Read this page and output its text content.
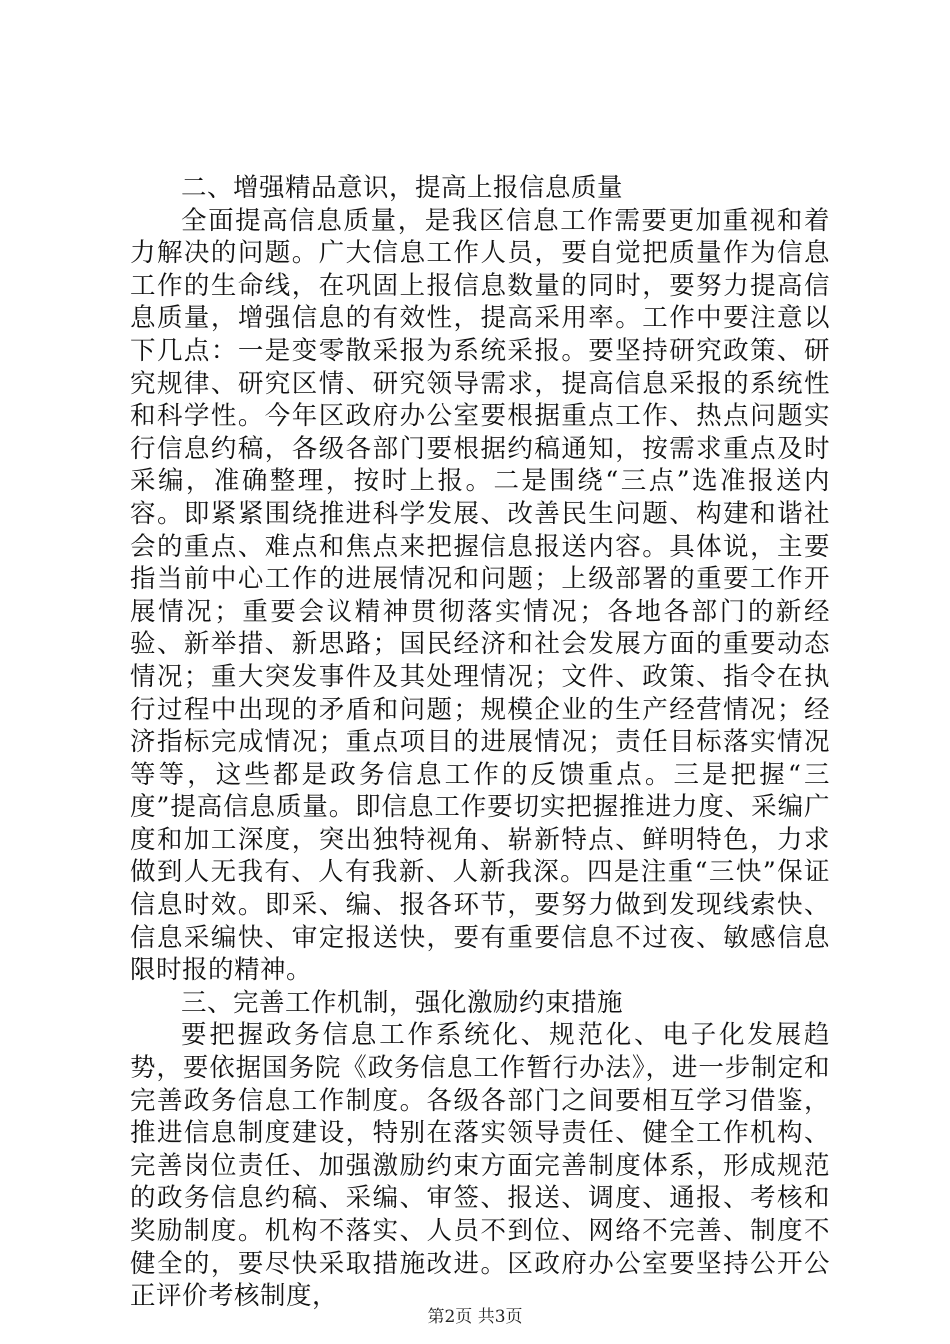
二、增强精品意识，提高上报信息质量

全面提高信息质量，是我区信息工作需要更加重视和着力解决的问题。广大信息工作人员，要自觉把质量作为信息工作的生命线，在巩固上报信息数量的同时，要努力提高信息质量，增强信息的有效性，提高采用率。工作中要注意以下几点：一是变零散采报为系统采报。要坚持研究政策、研究规律、研究区情、研究领导需求，提高信息采报的系统性和科学性。今年区政府办公室要根据重点工作、热点问题实行信息约稿，各级各部门要根据约稿通知，按需求重点及时采编，准确整理，按时上报。二是围绕“三点”选准报送内容。即紧紧围绕推进科学发展、改善民生问题、构建和谐社会的重点、难点和焦点来把握信息报送内容。具体说，主要指当前中心工作的进展情况和问题；上级部署的重要工作开展情况；重要会议精神贯彻落实情况；各地各部门的新经验、新举措、新思路；国民经济和社会发展方面的重要动态情况；重大突发事件及其处理情况；文件、政策、指令在执行过程中出现的矛盾和问题；规模企业的生产经营情况；经济指标完成情况；重点项目的进展情况；责任目标落实情况等等，这些都是政务信息工作的反馈重点。三是把握“三度”提高信息质量。即信息工作要切实把握推进力度、采编广度和加工深度，突出独特视角、崭新特点、鲜明特色，力求做到人无我有、人有我新、人新我深。四是注重“三快”保证信息时效。即采、编、报各环节，要努力做到发现线索快、信息采编快、审定报送快，要有重要信息不过夜、敏感信息限时报的精神。

三、完善工作机制，强化激励约束措施

要把握政务信息工作系统化、规范化、电子化发展趋势，要依据国务院《政务信息工作暂行办法》，进一步制定和完善政务信息工作制度。各级各部门之间要相互学习借鉴，推进信息制度建设，特别在落实领导责任、健全工作机构、完善岗位责任、加强激励约束方面完善制度体系，形成规范的政务信息约稿、采编、审签、报送、调度、通报、考核和奖励制度。机构不落实、人员不到位、网络不完善、制度不健全的，要尽快采取措施改进。区政府办公室要坚持公开公正评价考核制度，

第2页 共3页
